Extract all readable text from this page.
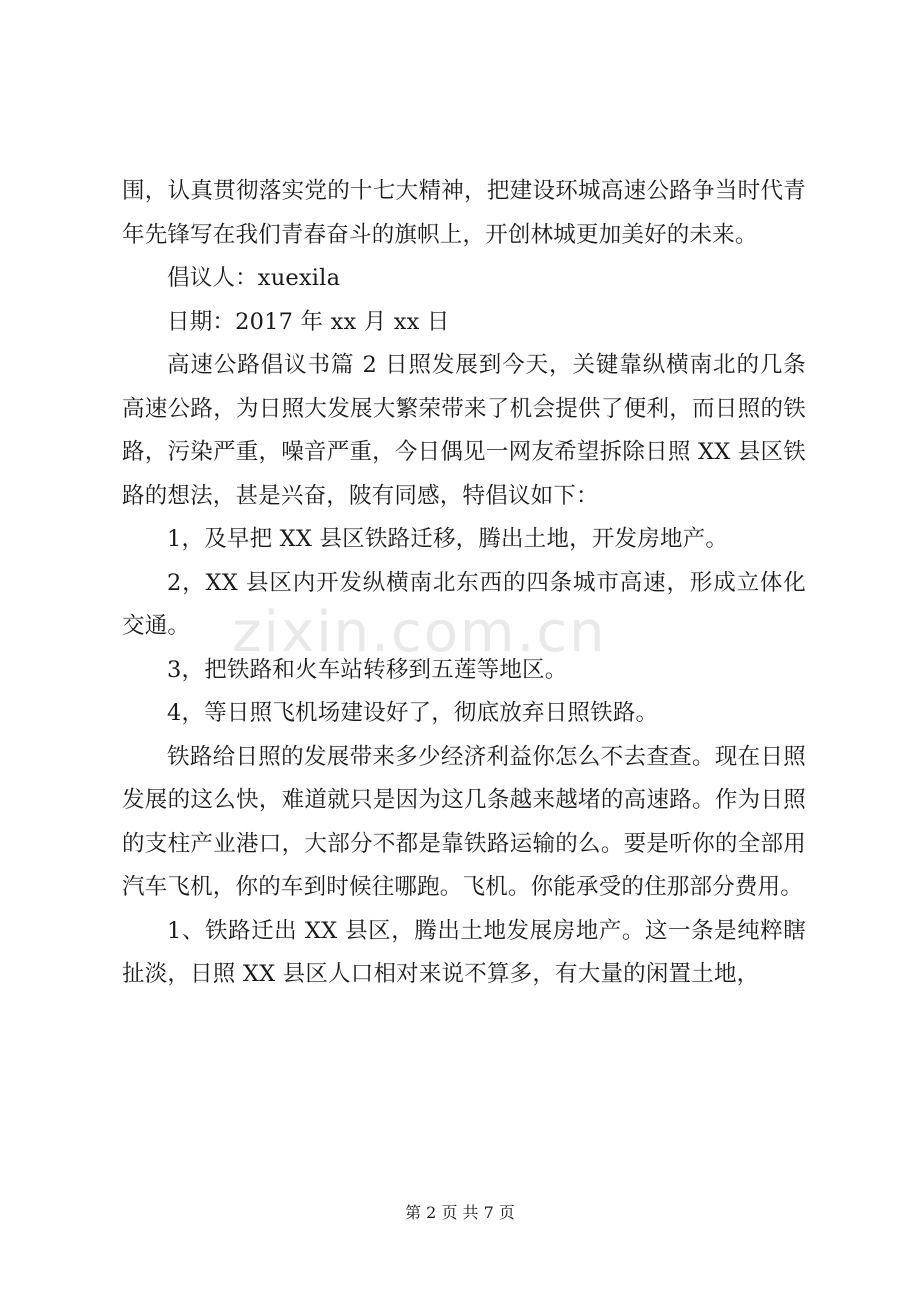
zixin.com.cn

围，认真贯彻落实党的十七大精神，把建设环城高速公路争当时代青年先锋写在我们青春奋斗的旗帜上，开创林城更加美好的未来。

倡议人：xuexila

日期：2017 年 xx 月 xx 日

高速公路倡议书篇 2 日照发展到今天，关键靠纵横南北的几条高速公路，为日照大发展大繁荣带来了机会提供了便利，而日照的铁路，污染严重，噪音严重，今日偶见一网友希望拆除日照 XX 县区铁路的想法，甚是兴奋，陂有同感，特倡议如下：

1，及早把 XX 县区铁路迁移，腾出土地，开发房地产。

2，XX 县区内开发纵横南北东西的四条城市高速，形成立体化交通。

3，把铁路和火车站转移到五莲等地区。

4，等日照飞机场建设好了，彻底放弃日照铁路。

铁路给日照的发展带来多少经济利益你怎么不去查查。现在日照发展的这么快，难道就只是因为这几条越来越堵的高速路。作为日照的支柱产业港口，大部分不都是靠铁路运输的么。要是听你的全部用汽车飞机，你的车到时候往哪跑。飞机。你能承受的住那部分费用。

1、铁路迁出 XX 县区，腾出土地发展房地产。这一条是纯粹瞎扯淡，日照 XX 县区人口相对来说不算多，有大量的闲置土地，

第 2 页 共 7 页
